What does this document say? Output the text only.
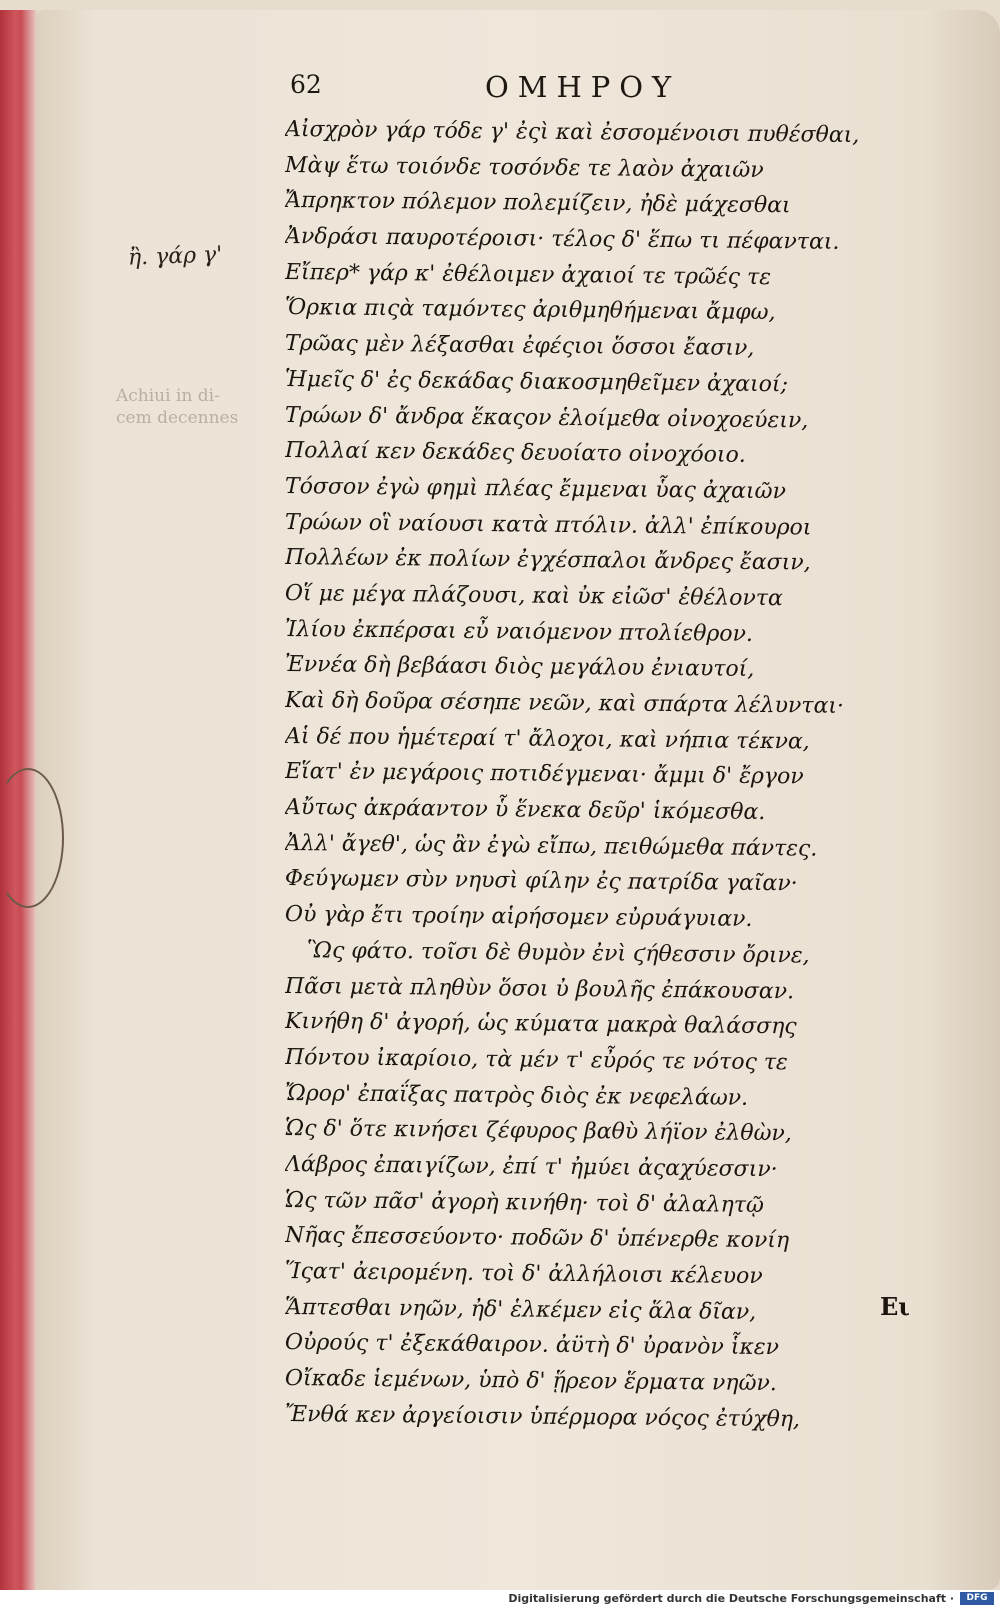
Achiui in di-
cem decennes
62	ΟΜΗΡΟΥ
ἢ. γάρ γ'
Αἰσχρὸν γάρ τόδε γ' ἐςὶ καὶ ἐσσομένοισι πυθέσθαι,
Μὰψ ἕτω τοιόνδε τοσόνδε τε λαὸν ἀχαιῶν
Ἄπρηκτον πόλεμον πολεμίζειν, ἠδὲ μάχεσθαι
Ἀνδράσι παυροτέροισι· τέλος δ' ἕπω τι πέφανται.
Εἴπερ* γάρ κ' ἐθέλοιμεν ἀχαιοί τε τρῶές τε
Ὅρκια πιςὰ ταμόντες ἀριθμηθήμεναι ἄμφω,
Τρῶας μὲν λέξασθαι ἐφέςιοι ὅσσοι ἔασιν,
Ἡμεῖς δ' ἐς δεκάδας διακοσμηθεῖμεν ἀχαιοί;
Τρώων δ' ἄνδρα ἕκαςον ἑλοίμεθα οἰνοχοεύειν,
Πολλαί κεν δεκάδες δευοίατο οἰνοχόοιο.
Τόσσον ἐγὼ φημὶ πλέας ἔμμεναι ὗας ἀχαιῶν
Τρώων οἳ ναίουσι κατὰ πτόλιν. ἀλλ' ἐπίκουροι
Πολλέων ἐκ πολίων ἐγχέσπαλοι ἄνδρες ἔασιν,
Οἵ με μέγα πλάζουσι, καὶ ὐκ εἰῶσ' ἐθέλοντα
Ἰλίου ἐκπέρσαι εὖ ναιόμενον πτολίεθρον.
Ἐννέα δὴ βεβάασι διὸς μεγάλου ἐνιαυτοί,
Καὶ δὴ δοῦρα σέσηπε νεῶν, καὶ σπάρτα λέλυνται·
Αἱ δέ που ἡμέτεραί τ' ἄλοχοι, καὶ νήπια τέκνα,
Εἵατ' ἐν μεγάροις ποτιδέγμεναι· ἄμμι δ' ἔργον
Αὔτως ἀκράαντον ὗ ἕνεκα δεῦρ' ἱκόμεσθα.
Ἀλλ' ἄγεθ', ὡς ἂν ἐγὼ εἴπω, πειθώμεθα πάντες.
Φεύγωμεν σὺν νηυσὶ φίλην ἐς πατρίδα γαῖαν·
Οὐ γὰρ ἔτι τροίην αἱρήσομεν εὐρυάγυιαν.
Ὣς φάτο. τοῖσι δὲ θυμὸν ἐνὶ ϛήθεσσιν ὄρινε,
Πᾶσι μετὰ πληθὺν ὅσοι ὐ βουλῆς ἐπάκουσαν.
Κινήθη δ' ἀγορή, ὡς κύματα μακρὰ θαλάσσης
Πόντου ἰκαρίοιο, τὰ μέν τ' εὖρός τε νότος τε
Ὤρορ' ἐπαΐξας πατρὸς διὸς ἐκ νεφελάων.
Ὡς δ' ὅτε κινήσει ζέφυρος βαθὺ λήϊον ἐλθὼν,
Λάβρος ἐπαιγίζων, ἐπί τ' ἠμύει ἀςαχύεσσιν·
Ὡς τῶν πᾶσ' ἀγορὴ κινήθη· τοὶ δ' ἀλαλητῷ
Νῆας ἔπεσσεύοντο· ποδῶν δ' ὑπένερθε κονίη
Ἵςατ' ἀειρομένη. τοὶ δ' ἀλλήλοισι κέλευον
Ἅπτεσθαι νηῶν, ἠδ' ἑλκέμεν εἰς ἅλα δῖαν,
Οὐρούς τ' ἐξεκάθαιρον. ἀϋτὴ δ' ὐρανὸν ἷκεν
Οἴκαδε ἱεμένων, ὑπὸ δ' ᾕρεον ἕρματα νηῶν.
Ἔνθά κεν ἀργείοισιν ὑπέρμορα νόςος ἐτύχθη,
Ει
Digitalisierung gefördert durch die Deutsche Forschungsgemeinschaft ·	DFG
